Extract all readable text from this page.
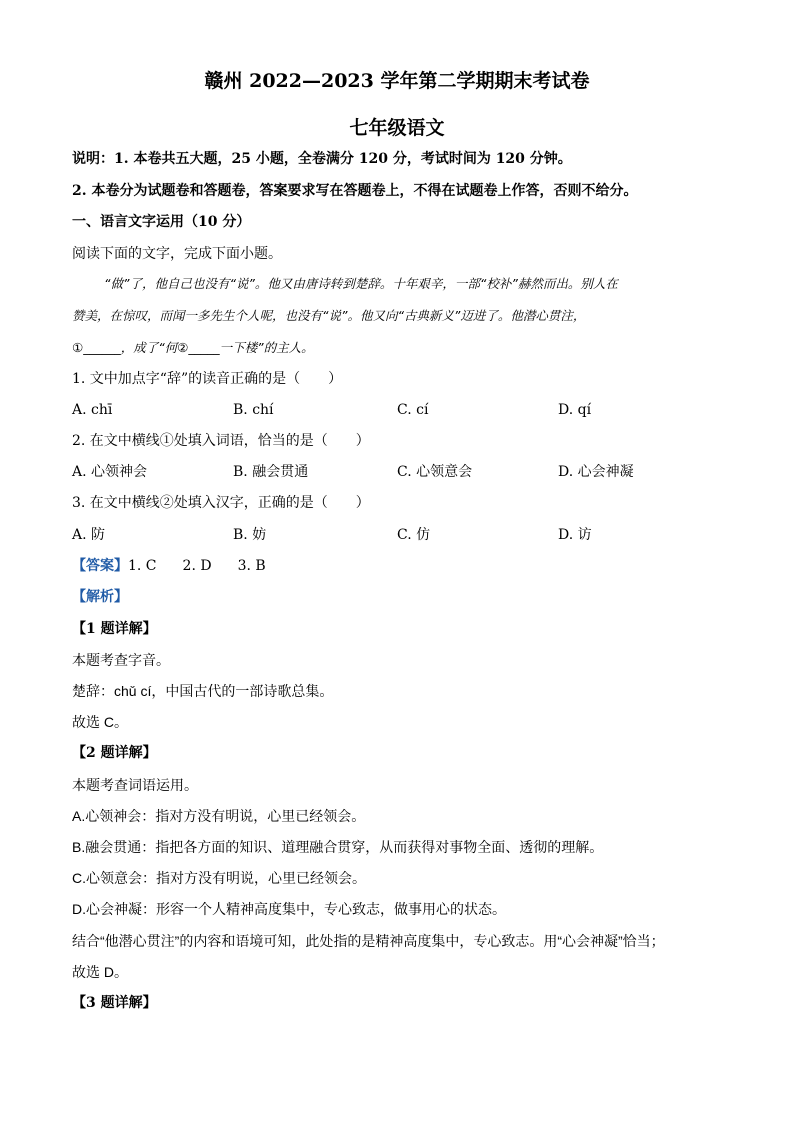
赣州 2022—2023 学年第二学期期末考试卷
七年级语文
说明：1. 本卷共五大题，25 小题，全卷满分 120 分，考试时间为 120 分钟。
2. 本卷分为试题卷和答题卷，答案要求写在答题卷上，不得在试题卷上作答，否则不给分。
一、语言文字运用（10 分）
阅读下面的文字，完成下面小题。
“做”了，他自己也没有“说”。他又由唐诗转到楚辞。十年艰辛，一部“校补”赫然而出。别人在
赞美，在惊叹，而闻一多先生个人呢，也没有“说”。他又向“古典新义”迈进了。他潜心贯注，
①______，成了“何②_____一下楼”的主人。
1. 文中加点字“辞”的读音正确的是（　　）
A. chī	B. chí	C. cí	D. qí
2. 在文中横线①处填入词语，恰当的是（　　）
A. 心领神会	B. 融会贯通	C. 心领意会	D. 心会神凝
3. 在文中横线②处填入汉字，正确的是（　　）
A. 防	B. 妨	C. 仿	D. 访
【答案】1. C 2. D 3. B
【解析】
【1 题详解】
本题考查字音。
楚辞：chǔ cí，中国古代的一部诗歌总集。
故选 C。
【2 题详解】
本题考查词语运用。
A.心领神会：指对方没有明说，心里已经领会。
B.融会贯通：指把各方面的知识、道理融合贯穿，从而获得对事物全面、透彻的理解。
C.心领意会：指对方没有明说，心里已经领会。
D.心会神凝：形容一个人精神高度集中，专心致志，做事用心的状态。
结合“他潜心贯注”的内容和语境可知，此处指的是精神高度集中，专心致志。用“心会神凝”恰当；
故选 D。
【3 题详解】
